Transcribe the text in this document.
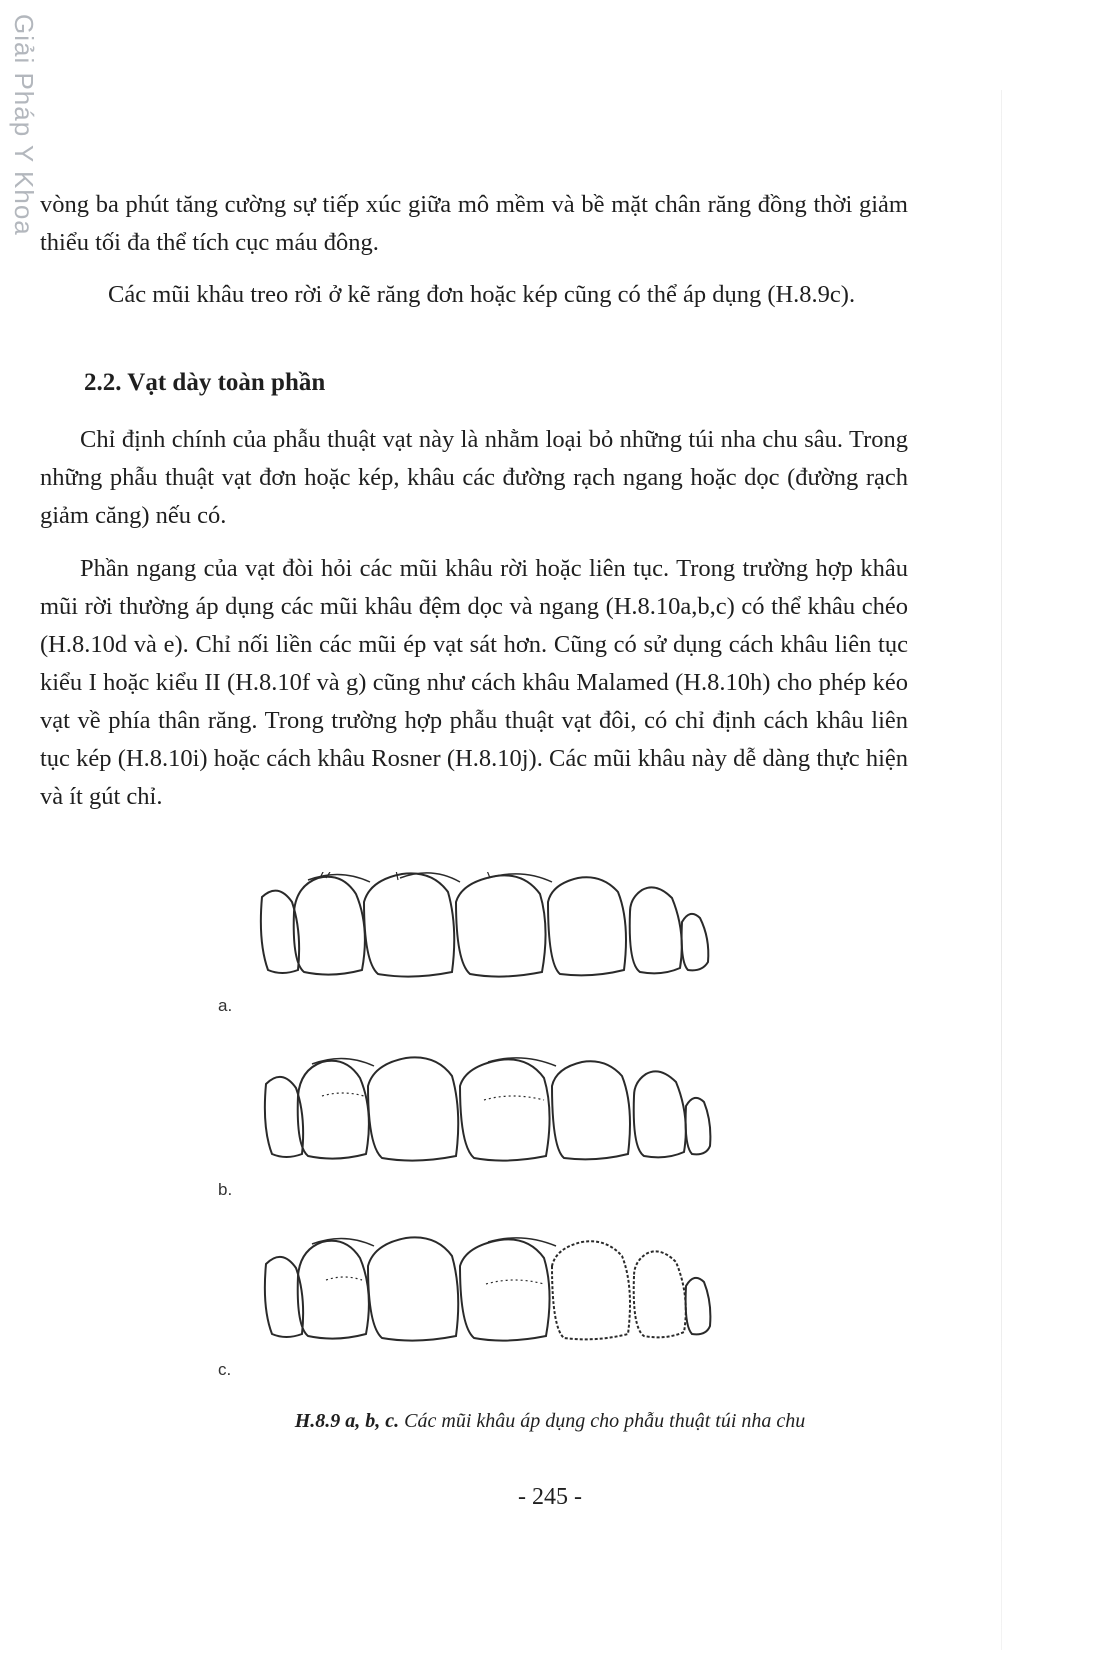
Giải Pháp Y Khoa vòng ba phút tăng cường sự tiếp xúc giữa mô mềm và bề mặt chân răng đồng thời giảm thiểu tối đa thể tích cục máu đông.

Các mũi khâu treo rời ở kẽ răng đơn hoặc kép cũng có thể áp dụng (H.8.9c).

2.2. Vạt dày toàn phần

Chỉ định chính của phẫu thuật vạt này là nhằm loại bỏ những túi nha chu sâu. Trong những phẫu thuật vạt đơn hoặc kép, khâu các đường rạch ngang hoặc dọc (đường rạch giảm căng) nếu có.

Phần ngang của vạt đòi hỏi các mũi khâu rời hoặc liên tục. Trong trường hợp khâu mũi rời thường áp dụng các mũi khâu đệm dọc và ngang (H.8.10a,b,c) có thể khâu chéo (H.8.10d và e). Chỉ nối liền các mũi ép vạt sát hơn. Cũng có sử dụng cách khâu liên tục kiểu I hoặc kiểu II (H.8.10f và g) cũng như cách khâu Malamed (H.8.10h) cho phép kéo vạt về phía thân răng. Trong trường hợp phẫu thuật vạt đôi, có chỉ định cách khâu liên tục kép (H.8.10i) hoặc cách khâu Rosner (H.8.10j). Các mũi khâu này dễ dàng thực hiện và ít gút chỉ.

a.
b.
c.
H.8.9 a, b, c. Các mũi khâu áp dụng cho phẫu thuật túi nha chu
- 245 -
